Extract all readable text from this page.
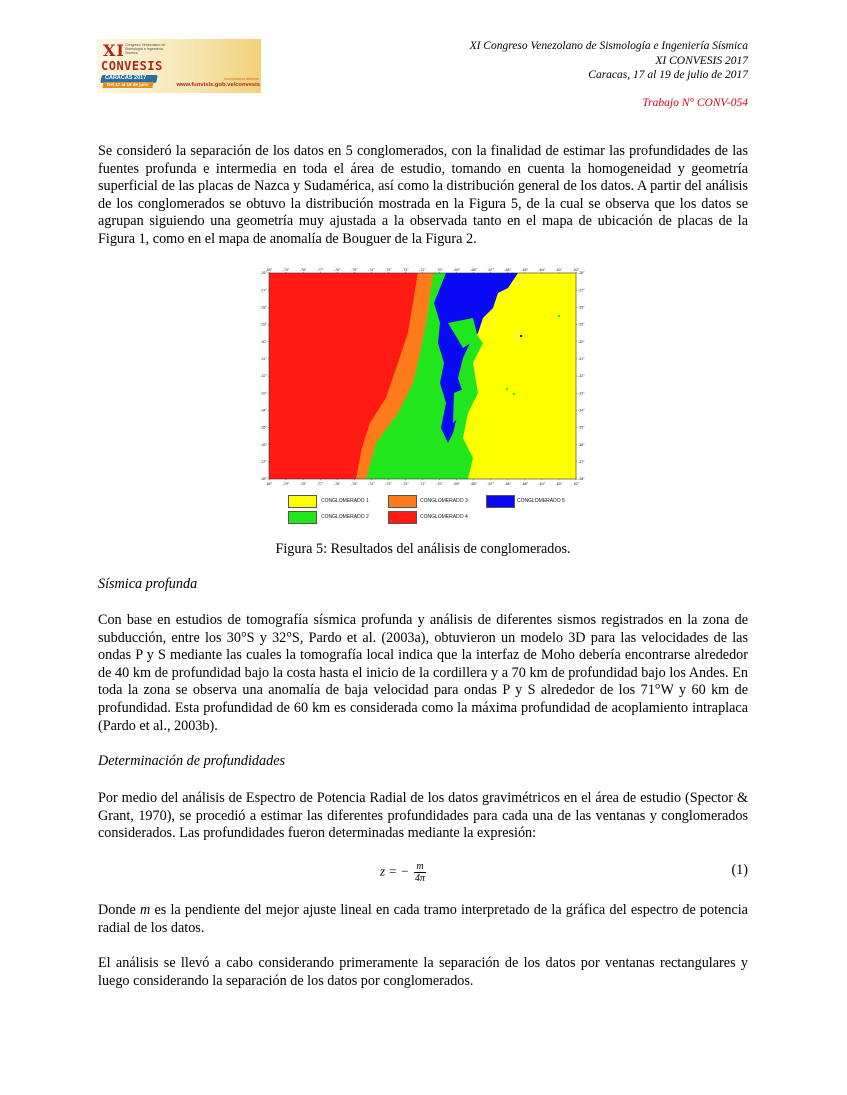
XI Congreso Venezolano de Sismología e Ingeniería Sísmica
CONVESIS
CARACAS 2017
Del 17 al 19 de julio
Inscripciones abiertas
www.funvisis.gob.ve/convesis
XI Congreso Venezolano de Sismología e Ingeniería Sísmica
XI CONVESIS 2017
Caracas, 17 al 19 de julio de 2017
Trabajo N° CONV-054
Se consideró la separación de los datos en 5 conglomerados, con la finalidad de estimar las profundidades de las fuentes profunda e intermedia en toda el área de estudio, tomando en cuenta la homogeneidad y geometría superficial de las placas de Nazca y Sudamérica, así como la distribución general de los datos. A partir del análisis de los conglomerados se obtuvo la distribución mostrada en la Figura 5, de la cual se observa que los datos se agrupan siguiendo una geometría muy ajustada a la observada tanto en el mapa de ubicación de placas de la Figura 1, como en el mapa de anomalía de Bouguer de la Figura 2.
-80°	-79°	-78°	-77°	-76°	-75°	-74°	-73°	-72°	-71°	-70°	-69°	-68°	-67°	-66°	-65°	-64°	-63°	-62°
-80°	-79°	-78°	-77°	-76°	-75°	-74°	-73°	-72°	-71°	-70°	-69°	-68°	-67°	-66°	-65°	-64°	-63°	-62°
-26°
-27°
-28°
-29°
-30°
-31°
-32°
-33°
-34°
-35°
-36°
-37°
-38°
-26°
-27°
-28°
-29°
-30°
-31°
-32°
-33°
-34°
-35°
-36°
-37°
-38°
CONGLOMERADO 1
CONGLOMERADO 2
CONGLOMERADO 3
CONGLOMERADO 4
CONGLOMERADO 5
Figura 5: Resultados del análisis de conglomerados.
Sísmica profunda
Con base en estudios de tomografía sísmica profunda y análisis de diferentes sismos registrados en la zona de subducción, entre los 30°S y 32°S, Pardo et al. (2003a), obtuvieron un modelo 3D para las velocidades de las ondas P y S mediante las cuales la tomografía local indica que la interfaz de Moho debería encontrarse alrededor de 40 km de profundidad bajo la costa hasta el inicio de la cordillera y a 70 km de profundidad bajo los Andes. En toda la zona se observa una anomalía de baja velocidad para ondas P y S alrededor de los 71°W y 60 km de profundidad. Esta profundidad de 60 km es considerada como la máxima profundidad de acoplamiento intraplaca (Pardo et al., 2003b).
Determinación de profundidades
Por medio del análisis de Espectro de Potencia Radial de los datos gravimétricos en el área de estudio (Spector & Grant, 1970), se procedió a estimar las diferentes profundidades para cada una de las ventanas y conglomerados considerados. Las profundidades fueron determinadas mediante la expresión:
z = − $\frac{m}{4\pi}$	(1)
Donde m es la pendiente del mejor ajuste lineal en cada tramo interpretado de la gráfica del espectro de potencia radial de los datos.
El análisis se llevó a cabo considerando primeramente la separación de los datos por ventanas rectangulares y luego considerando la separación de los datos por conglomerados.
